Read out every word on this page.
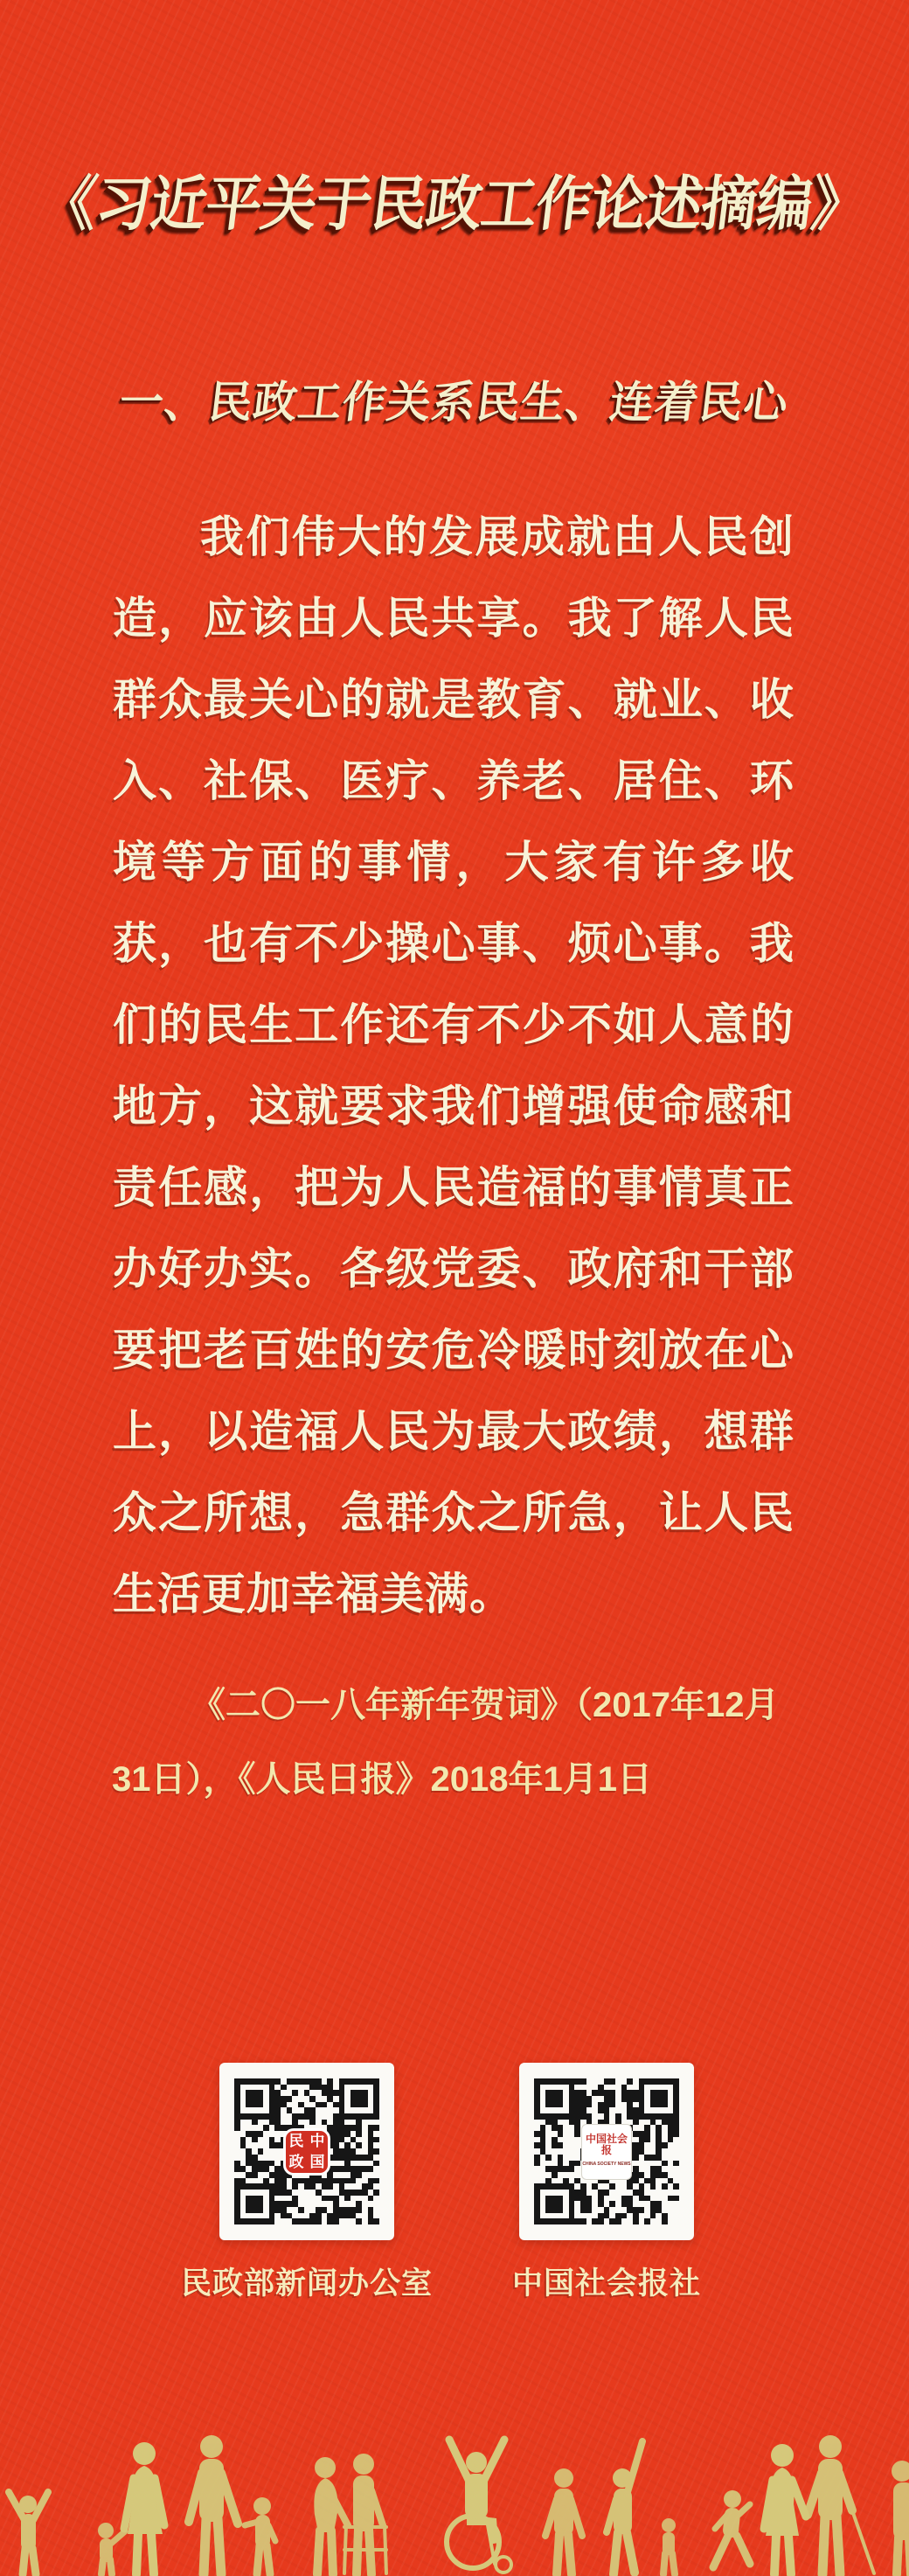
《习近平关于民政工作论述摘编》
一、民政工作关系民生、连着民心
我们伟大的发展成就由人民创
造，应该由人民共享。我了解人民
群众最关心的就是教育、就业、收
入、社保、医疗、养老、居住、环
境等方面的事情，大家有许多收
获，也有不少操心事、烦心事。我
们的民生工作还有不少不如人意的
地方，这就要求我们增强使命感和
责任感，把为人民造福的事情真正
办好办实。各级党委、政府和干部
要把老百姓的安危冷暖时刻放在心
上，以造福人民为最大政绩，想群
众之所想，急群众之所急，让人民
生活更加幸福美满。
《二〇一八年新年贺词》（2017年12月
31日），《人民日报》2018年1月1日
民 中
政 国
中国社会报
CHINA SOCIETY NEWS
民政部新闻办公室	中国社会报社
